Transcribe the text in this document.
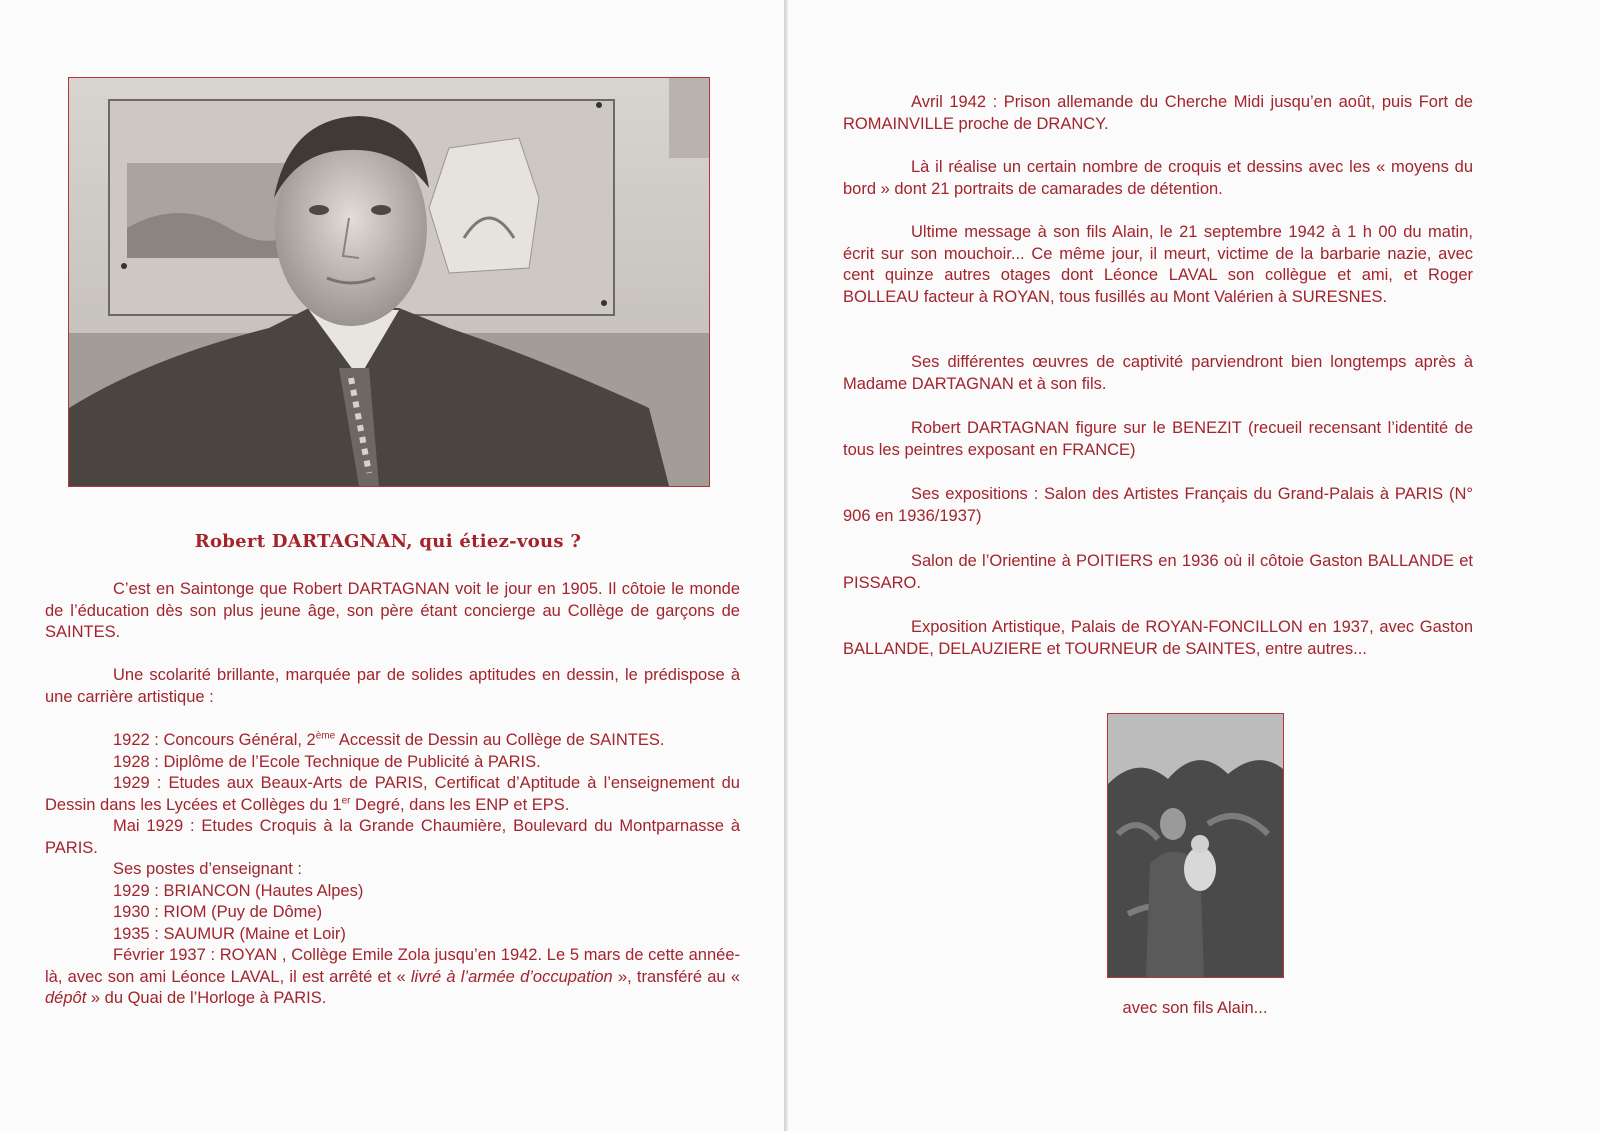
Robert DARTAGNAN, qui étiez-vous ?

C’est en Saintonge que Robert DARTAGNAN voit le jour en 1905. Il côtoie le monde de l’éducation dès son plus jeune âge, son père étant concierge au Collège de garçons de SAINTES.

Une scolarité brillante, marquée par de solides aptitudes en dessin, le prédispose à une carrière artistique :

1922 : Concours Général, 2ème Accessit de Dessin au Collège de SAINTES.
1928 : Diplôme de l’Ecole Technique de Publicité à PARIS.
1929 : Etudes aux Beaux-Arts de PARIS, Certificat d’Aptitude à l’enseignement du Dessin dans les Lycées et Collèges du 1er Degré, dans les ENP et EPS.
Mai 1929 : Etudes Croquis à la Grande Chaumière, Boulevard du Montparnasse à PARIS.
Ses postes d’enseignant :
1929 : BRIANCON (Hautes Alpes)
1930 : RIOM (Puy de Dôme)
1935 : SAUMUR (Maine et Loir)
Février 1937 : ROYAN , Collège Emile Zola jusqu’en 1942. Le 5 mars de cette année-là, avec son ami Léonce LAVAL, il est arrêté et « livré à l’armée d’occupation », transféré au « dépôt » du Quai de l’Horloge à PARIS.

Avril 1942 : Prison allemande du Cherche Midi jusqu’en août, puis Fort de ROMAINVILLE proche de DRANCY.

Là il réalise un certain nombre de croquis et dessins avec les « moyens du bord » dont 21 portraits de camarades de détention.

Ultime message à son fils Alain, le 21 septembre 1942 à 1 h 00 du matin, écrit sur son mouchoir... Ce même jour, il meurt, victime de la barbarie nazie, avec cent quinze autres otages dont Léonce LAVAL son collègue et ami, et Roger BOLLEAU facteur à ROYAN, tous fusillés au Mont Valérien à SURESNES.

Ses différentes œuvres de captivité parviendront bien longtemps après à Madame DARTAGNAN et à son fils.

Robert DARTAGNAN figure sur le BENEZIT (recueil recensant l’identité de tous les peintres exposant en FRANCE)

Ses expositions : Salon des Artistes Français du Grand-Palais à PARIS (N° 906 en 1936/1937)

Salon de l’Orientine à POITIERS en 1936 où il côtoie Gaston BALLANDE et PISSARO.

Exposition Artistique, Palais de ROYAN-FONCILLON en 1937, avec Gaston BALLANDE, DELAUZIERE et TOURNEUR de SAINTES, entre autres...

avec son fils Alain...
